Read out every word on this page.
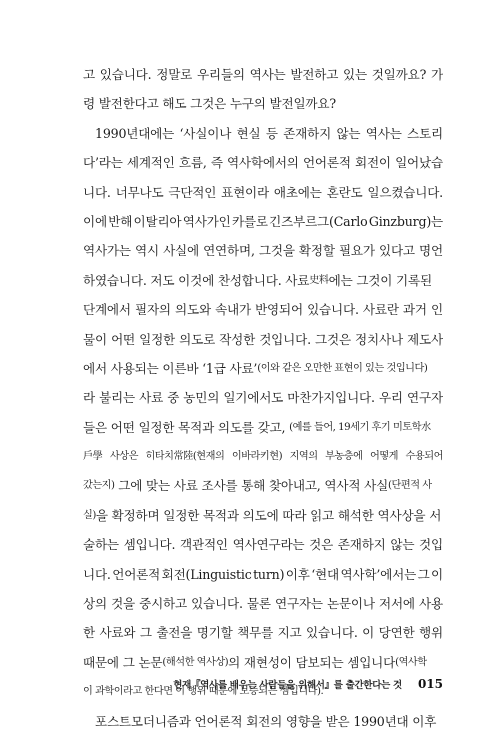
고 있습니다. 정말로 우리들의 역사는 발전하고 있는 것일까요? 가
령 발전한다고 해도 그것은 누구의 발전일까요?
1990년대에는 ‘사실이나 현실 등 존재하지 않는 역사는 스토리
다’라는 세계적인 흐름, 즉 역사학에서의 언어론적 회전이 일어났습
니다. 너무나도 극단적인 표현이라 애초에는 혼란도 일으켰습니다.
이에 반해 이탈리아 역사가인 카를로 긴즈부르그(Carlo Ginzburg)는
역사가는 역시 사실에 연연하며, 그것을 확정할 필요가 있다고 명언
하였습니다. 저도 이것에 찬성합니다. 사료 史料 에는 그것이 기록된
단계에서 필자의 의도와 속내가 반영되어 있습니다. 사료란 과거 인
물이 어떤 일정한 의도로 작성한 것입니다. 그것은 정치사나 제도사
에서 사용되는 이른바 ‘1급 사료’ (이와 같은 오만한 표현이 있는 것입니다)
라 불리는 사료 중 농민의 일기에서도 마찬가지입니다. 우리 연구자
들은 어떤 일정한 목적과 의도를 갖고, (예를 들어, 19세기 후기 미토학水
戶學 사상은 히타치常陸(현재의 이바라키현) 지역의 부농층에 어떻게 수용되어
갔는지) 그에 맞는 사료 조사를 통해 찾아내고, 역사적 사실 (단편적 사
실) 을 확정하며 일정한 목적과 의도에 따라 읽고 해석한 역사상을 서
술하는 셈입니다. 객관적인 역사연구라는 것은 존재하지 않는 것입
니다. 언어론적 회전(Linguistic turn) 이후 ‘현대 역사학’에서는 그 이
상의 것을 중시하고 있습니다. 물론 연구자는 논문이나 저서에 사용
한 사료와 그 출전을 명기할 책무를 지고 있습니다. 이 당연한 행위
때문에 그 논문 (해석한 역사상) 의 재현성이 담보되는 셈입니다 (역사학
이 과학이라고 한다면 이 행위 때문에 보증되는 셈입니다).
포스트모더니즘과 언어론적 회전의 영향을 받은 1990년대 이후
현재『역사를 배우는 사람들을 위해서』를 출간한다는 것 015
